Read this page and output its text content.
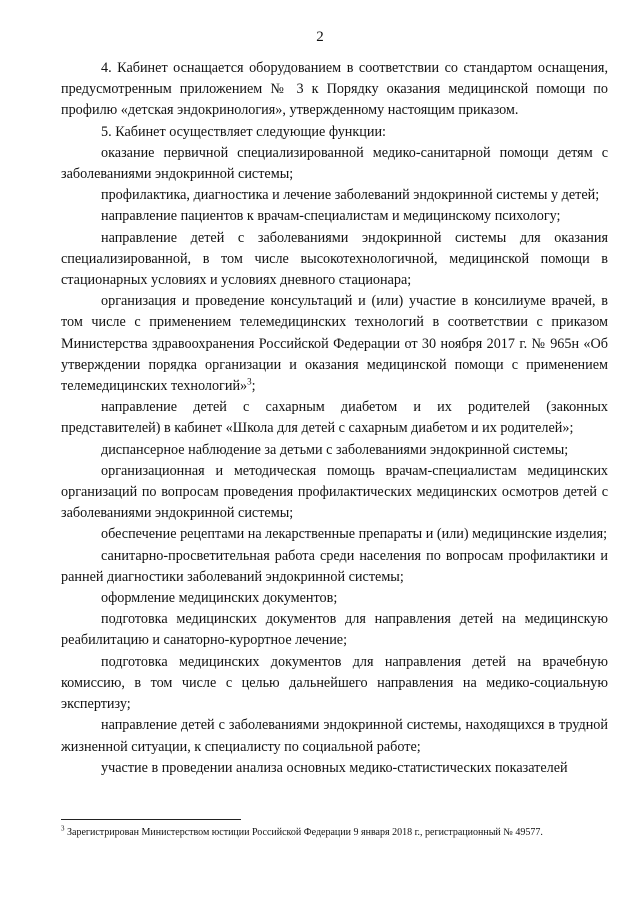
2

4. Кабинет оснащается оборудованием в соответствии со стандартом оснащения, предусмотренным приложением № 3 к Порядку оказания медицинской помощи по профилю «детская эндокринология», утвержденному настоящим приказом.

5. Кабинет осуществляет следующие функции:

оказание первичной специализированной медико-санитарной помощи детям с заболеваниями эндокринной системы;

профилактика, диагностика и лечение заболеваний эндокринной системы у детей;

направление пациентов к врачам-специалистам и медицинскому психологу;

направление детей с заболеваниями эндокринной системы для оказания специализированной, в том числе высокотехнологичной, медицинской помощи в стационарных условиях и условиях дневного стационара;

организация и проведение консультаций и (или) участие в консилиуме врачей, в том числе с применением телемедицинских технологий в соответствии с приказом Министерства здравоохранения Российской Федерации от 30 ноября 2017 г. № 965н «Об утверждении порядка организации и оказания медицинской помощи с применением телемедицинских технологий»$^3$;

направление детей с сахарным диабетом и их родителей (законных представителей) в кабинет «Школа для детей с сахарным диабетом и их родителей»;

диспансерное наблюдение за детьми с заболеваниями эндокринной системы;

организационная и методическая помощь врачам-специалистам медицинских организаций по вопросам проведения профилактических медицинских осмотров детей с заболеваниями эндокринной системы;

обеспечение рецептами на лекарственные препараты и (или) медицинские изделия;

санитарно-просветительная работа среди населения по вопросам профилактики и ранней диагностики заболеваний эндокринной системы;

оформление медицинских документов;

подготовка медицинских документов для направления детей на медицинскую реабилитацию и санаторно-курортное лечение;

подготовка медицинских документов для направления детей на врачебную комиссию, в том числе с целью дальнейшего направления на медико-социальную экспертизу;

направление детей с заболеваниями эндокринной системы, находящихся в трудной жизненной ситуации, к специалисту по социальной работе;

участие в проведении анализа основных медико-статистических показателей

$^3$ Зарегистрирован Министерством юстиции Российской Федерации 9 января 2018 г., регистрационный № 49577.
